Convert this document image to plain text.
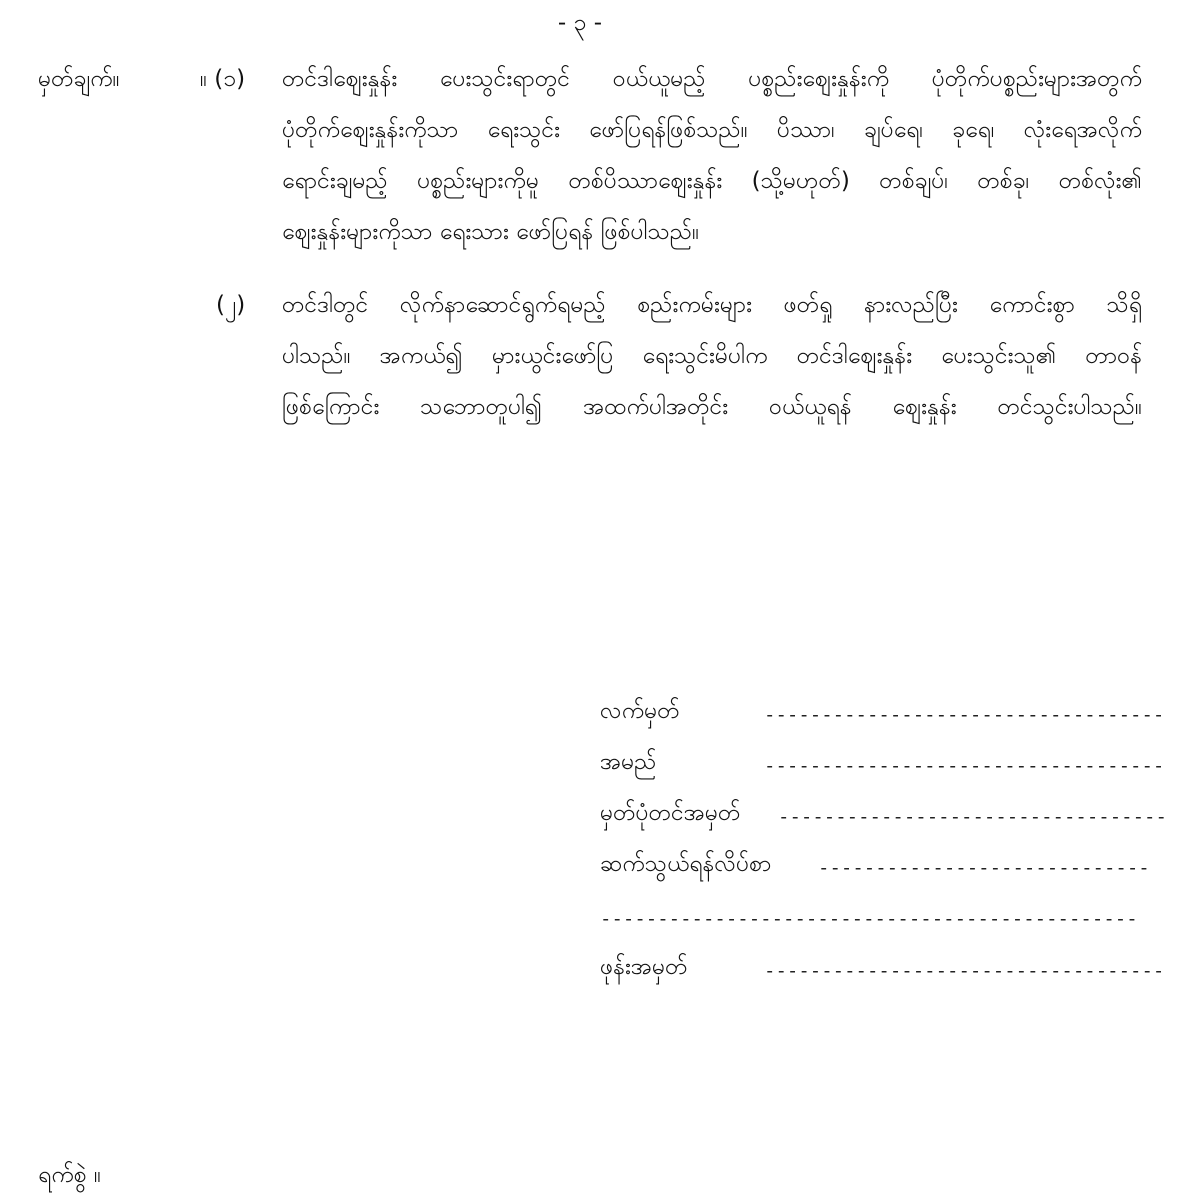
- ၃ -
မှတ်ချက်။	။ (၁) တင်ဒါဈေးနှုန်း ပေးသွင်းရာတွင် ဝယ်ယူမည့် ပစ္စည်းဈေးနှုန်းကို ပုံတိုက်ပစ္စည်းများအတွက်
ပုံတိုက်ဈေးနှုန်းကိုသာ ရေးသွင်း ဖော်ပြရန်ဖြစ်သည်။ ပိဿာ၊ ချပ်ရေ၊ ခုရေ၊ လုံးရေအလိုက်
ရောင်းချမည့် ပစ္စည်းများကိုမူ တစ်ပိဿာဈေးနှုန်း (သို့မဟုတ်) တစ်ချပ်၊ တစ်ခု၊ တစ်လုံး၏
ဈေးနှုန်းများကိုသာ ရေးသား ဖော်ပြရန် ဖြစ်ပါသည်။
(၂) တင်ဒါတွင် လိုက်နာဆောင်ရွက်ရမည့် စည်းကမ်းများ ဖတ်ရှု နားလည်ပြီး ကောင်းစွာ သိရှိ
ပါသည်။ အကယ်၍ မှားယွင်းဖော်ပြ ရေးသွင်းမိပါက တင်ဒါဈေးနှုန်း ပေးသွင်းသူ၏ တာဝန်
ဖြစ်ကြောင်း သဘောတူပါ၍ အထက်ပါအတိုင်း ဝယ်ယူရန် ဈေးနှုန်း တင်သွင်းပါသည်။
လက်မှတ်	-----------------------------------
အမည်	-----------------------------------
မှတ်ပုံတင်အမှတ် ----------------------------------
ဆက်သွယ်ရန်လိပ်စာ -----------------------------
-----------------------------------------------
ဖုန်းအမှတ်	-----------------------------------
ရက်စွဲ ။
